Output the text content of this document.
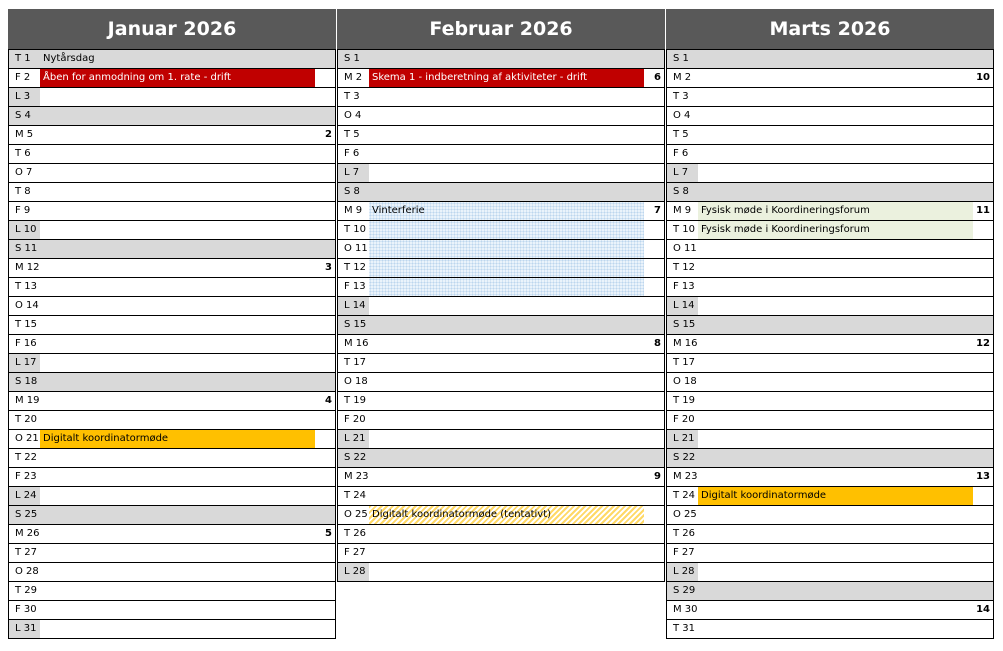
Januar 2026
T 1	Nytårsdag
F 2	Åben for anmodning om 1. rate - drift
L 3
S 4
M 5	2
T 6
O 7
T 8
F 9
L 10
S 11
M 12	3
T 13
O 14
T 15
F 16
L 17
S 18
M 19	4
T 20
O 21 Digitalt koordinatormøde
T 22
F 23
L 24
S 25
M 26	5
T 27
O 28
T 29
F 30
L 31
Februar 2026
S 1
M 2 Skema 1 - indberetning af aktiviteter - drift	6
T 3
O 4
T 5
F 6
L 7
S 8
M 9 Vinterferie	7
T 10
O 11
T 12
F 13
L 14
S 15
M 16	8
T 17
O 18
T 19
F 20
L 21
S 22
M 23	9
T 24
O 25 Digitalt koordinatormøde (tentativt)
T 26
F 27
L 28
Marts 2026
S 1
M 2	10
T 3
O 4
T 5
F 6
L 7
S 8
M 9 Fysisk møde i Koordineringsforum	11
T 10 Fysisk møde i Koordineringsforum
O 11
T 12
F 13
L 14
S 15
M 16	12
T 17
O 18
T 19
F 20
L 21
S 22
M 23	13
T 24 Digitalt koordinatormøde
O 25
T 26
F 27
L 28
S 29
M 30	14
T 31
